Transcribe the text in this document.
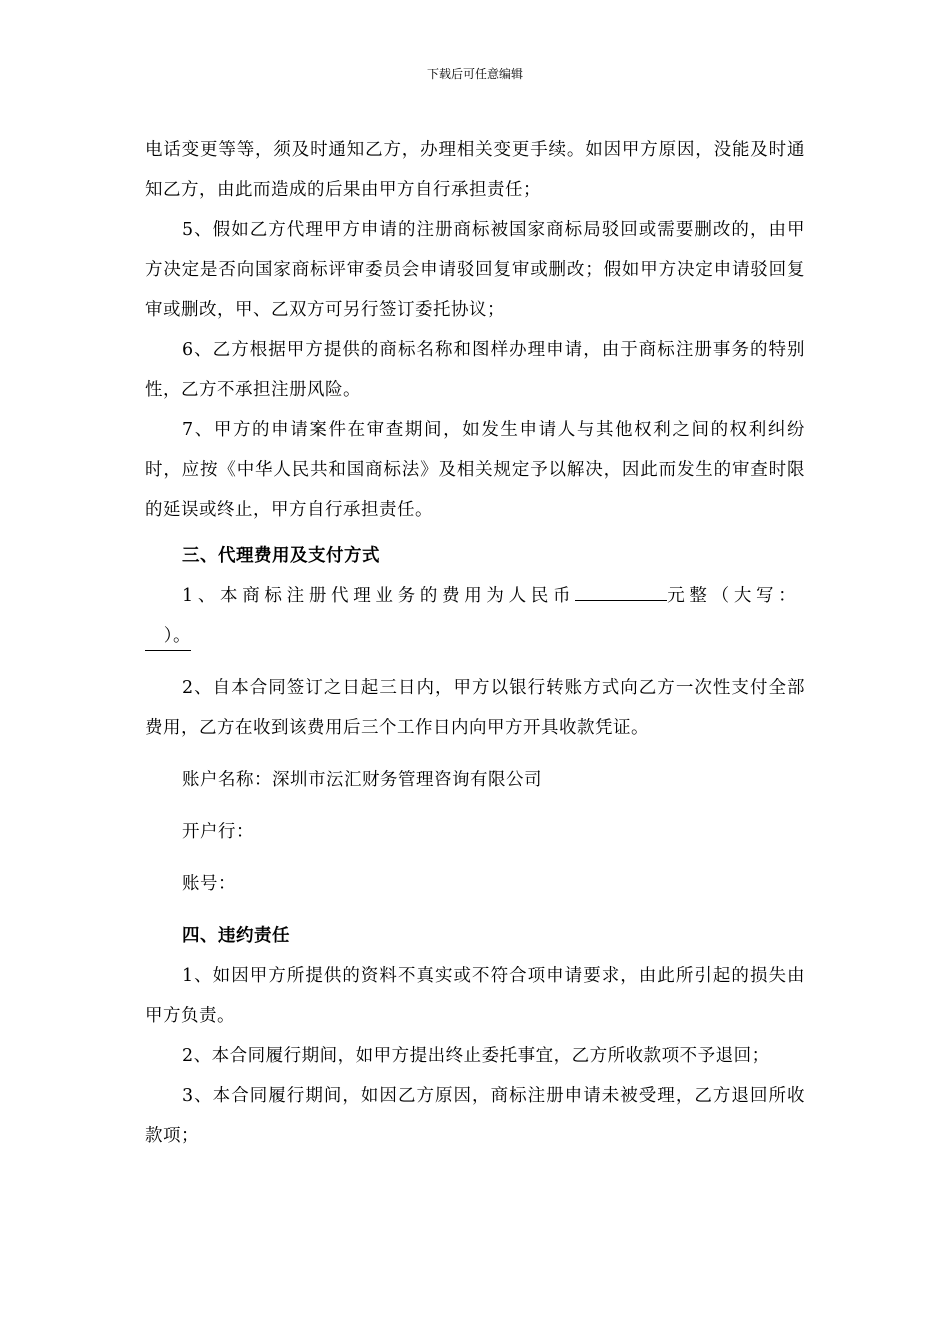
下载后可任意编辑
电话变更等等，须及时通知乙方，办理相关变更手续。如因甲方原因，没能及时通知乙方，由此而造成的后果由甲方自行承担责任；
5、假如乙方代理甲方申请的注册商标被国家商标局驳回或需要删改的，由甲方决定是否向国家商标评审委员会申请驳回复审或删改；假如甲方决定申请驳回复审或删改，甲、乙双方可另行签订委托协议；
6、乙方根据甲方提供的商标名称和图样办理申请，由于商标注册事务的特别性，乙方不承担注册风险。
7、甲方的申请案件在审查期间，如发生申请人与其他权利之间的权利纠纷时，应按《中华人民共和国商标法》及相关规定予以解决，因此而发生的审查时限的延误或终止，甲方自行承担责任。
三、代理费用及支付方式
1、本商标注册代理业务的费用为人民币	元整（大写：
）。
2、自本合同签订之日起三日内，甲方以银行转账方式向乙方一次性支付全部费用，乙方在收到该费用后三个工作日内向甲方开具收款凭证。
账户名称：深圳市沄汇财务管理咨询有限公司
开户行：
账号：
四、违约责任
1、如因甲方所提供的资料不真实或不符合项申请要求，由此所引起的损失由甲方负责。
2、本合同履行期间，如甲方提出终止委托事宜，乙方所收款项不予退回；
3、本合同履行期间，如因乙方原因，商标注册申请未被受理，乙方退回所收款项；
